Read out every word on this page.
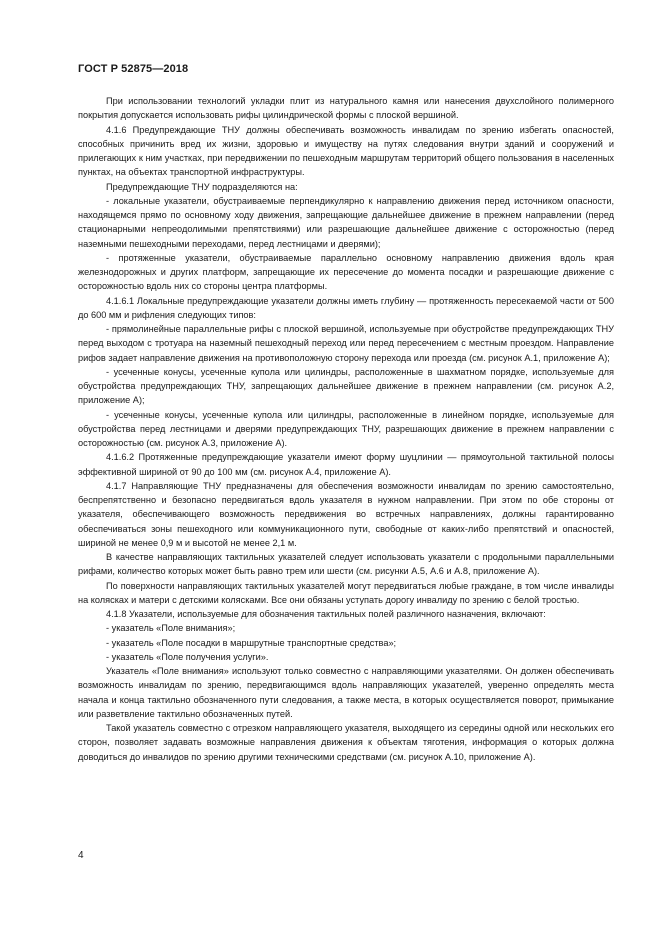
ГОСТ Р 52875—2018

При использовании технологий укладки плит из натурального камня или нанесения двухслойного полимерного покрытия допускается использовать рифы цилиндрической формы с плоской вершиной.

4.1.6 Предупреждающие ТНУ должны обеспечивать возможность инвалидам по зрению избегать опасностей, способных причинить вред их жизни, здоровью и имуществу на путях следования внутри зданий и сооружений и прилегающих к ним участках, при передвижении по пешеходным маршрутам территорий общего пользования в населенных пунктах, на объектах транспортной инфраструктуры.

Предупреждающие ТНУ подразделяются на:

- локальные указатели, обустраиваемые перпендикулярно к направлению движения перед источником опасности, находящемся прямо по основному ходу движения, запрещающие дальнейшее движение в прежнем направлении (перед стационарными непреодолимыми препятствиями) или разрешающие дальнейшее движение с осторожностью (перед наземными пешеходными переходами, перед лестницами и дверями);

- протяженные указатели, обустраиваемые параллельно основному направлению движения вдоль края железнодорожных и других платформ, запрещающие их пересечение до момента посадки и разрешающие движение с осторожностью вдоль них со стороны центра платформы.

4.1.6.1 Локальные предупреждающие указатели должны иметь глубину — протяженность пересекаемой части от 500 до 600 мм и рифления следующих типов:

- прямолинейные параллельные рифы с плоской вершиной, используемые при обустройстве предупреждающих ТНУ перед выходом с тротуара на наземный пешеходный переход или перед пересечением с местным проездом. Направление рифов задает направление движения на противоположную сторону перехода или проезда (см. рисунок А.1, приложение А);

- усеченные конусы, усеченные купола или цилиндры, расположенные в шахматном порядке, используемые для обустройства предупреждающих ТНУ, запрещающих дальнейшее движение в прежнем направлении (см. рисунок А.2, приложение А);

- усеченные конусы, усеченные купола или цилиндры, расположенные в линейном порядке, используемые для обустройства перед лестницами и дверями предупреждающих ТНУ, разрешающих движение в прежнем направлении с осторожностью (см. рисунок А.3, приложение А).

4.1.6.2 Протяженные предупреждающие указатели имеют форму шуцлинии — прямоугольной тактильной полосы эффективной шириной от 90 до 100 мм (см. рисунок А.4, приложение А).

4.1.7 Направляющие ТНУ предназначены для обеспечения возможности инвалидам по зрению самостоятельно, беспрепятственно и безопасно передвигаться вдоль указателя в нужном направлении. При этом по обе стороны от указателя, обеспечивающего возможность передвижения во встречных направлениях, должны гарантированно обеспечиваться зоны пешеходного или коммуникационного пути, свободные от каких-либо препятствий и опасностей, шириной не менее 0,9 м и высотой не менее 2,1 м.

В качестве направляющих тактильных указателей следует использовать указатели с продольными параллельными рифами, количество которых может быть равно трем или шести (см. рисунки А.5, А.6 и А.8, приложение А).

По поверхности направляющих тактильных указателей могут передвигаться любые граждане, в том числе инвалиды на колясках и матери с детскими колясками. Все они обязаны уступать дорогу инвалиду по зрению с белой тростью.

4.1.8 Указатели, используемые для обозначения тактильных полей различного назначения, включают:

- указатель «Поле внимания»;

- указатель «Поле посадки в маршрутные транспортные средства»;

- указатель «Поле получения услуги».

Указатель «Поле внимания» используют только совместно с направляющими указателями. Он должен обеспечивать возможность инвалидам по зрению, передвигающимся вдоль направляющих указателей, уверенно определять места начала и конца тактильно обозначенного пути следования, а также места, в которых осуществляется поворот, примыкание или разветвление тактильно обозначенных путей.

Такой указатель совместно с отрезком направляющего указателя, выходящего из середины одной или нескольких его сторон, позволяет задавать возможные направления движения к объектам тяготения, информация о которых должна доводиться до инвалидов по зрению другими техническими средствами (см. рисунок А.10, приложение А).

4
